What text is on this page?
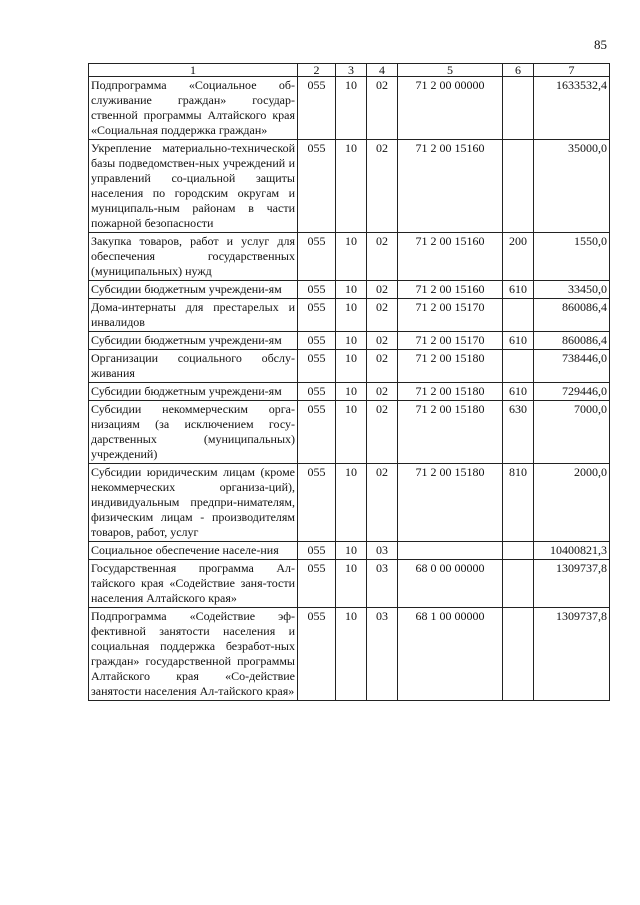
85
1	2	3	4	5	6	7
Подпрограмма «Социальное об-служивание граждан» государ-ственной программы Алтайского края «Социальная поддержка граждан»	055	10	02	71 2 00 00000		1633532,4
Укрепление материально-технической базы подведомствен-ных учреждений и управлений со-циальной защиты населения по городским округам и муниципаль-ным районам в части пожарной безопасности	055	10	02	71 2 00 15160		35000,0
Закупка товаров, работ и услуг для обеспечения государственных (муниципальных) нужд	055	10	02	71 2 00 15160	200	1550,0
Субсидии бюджетным учреждени-ям	055	10	02	71 2 00 15160	610	33450,0
Дома-интернаты для престарелых и инвалидов	055	10	02	71 2 00 15170		860086,4
Субсидии бюджетным учреждени-ям	055	10	02	71 2 00 15170	610	860086,4
Организации социального обслу-живания	055	10	02	71 2 00 15180		738446,0
Субсидии бюджетным учреждени-ям	055	10	02	71 2 00 15180	610	729446,0
Субсидии некоммерческим орга-низациям (за исключением госу-дарственных (муниципальных) учреждений)	055	10	02	71 2 00 15180	630	7000,0
Субсидии юридическим лицам (кроме некоммерческих организа-ций), индивидуальным предпри-нимателям, физическим лицам - производителям товаров, работ, услуг	055	10	02	71 2 00 15180	810	2000,0
Социальное обеспечение населе-ния	055	10	03			10400821,3
Государственная программа Ал-тайского края «Содействие заня-тости населения Алтайского края»	055	10	03	68 0 00 00000		1309737,8
Подпрограмма «Содействие эф-фективной занятости населения и социальная поддержка безработ-ных граждан» государственной программы Алтайского края «Со-действие занятости населения Ал-тайского края»	055	10	03	68 1 00 00000		1309737,8
